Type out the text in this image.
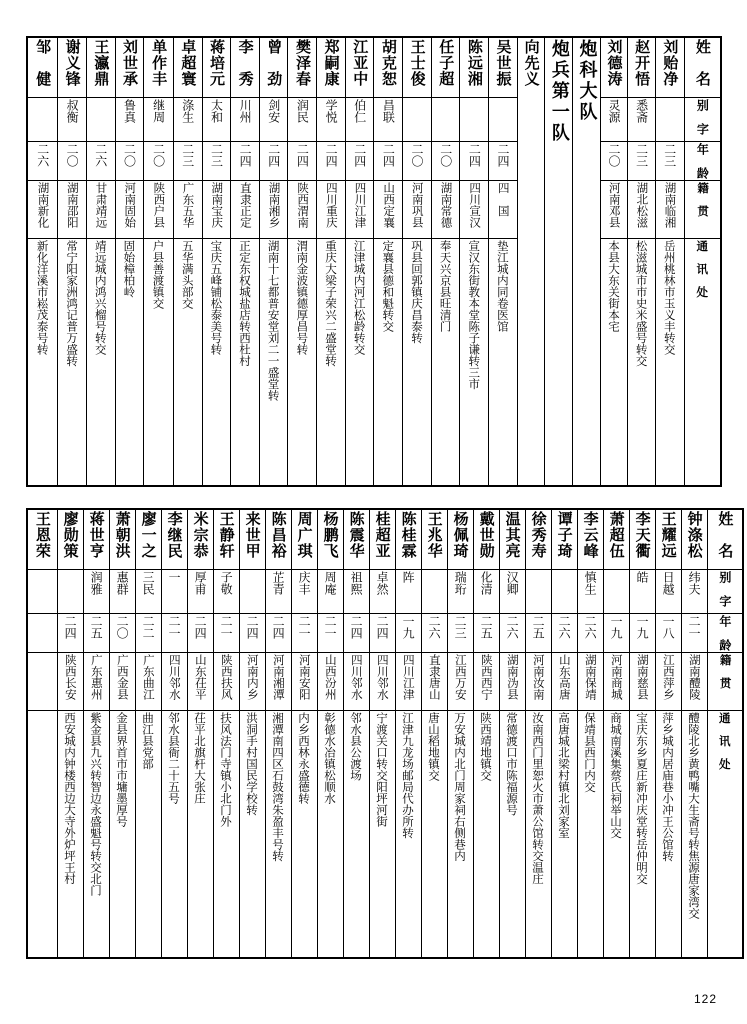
邹　健	谢义锋	王瀛鼎	刘世承	单作丰	卓超寰	蒋培元	李　秀	曾　劲	樊泽春	郑嗣康	江亚中	胡克恕	王士俊	任子超	陈远湘	吴世振	向先义	炮兵第一队	炮科大队	刘德涛	赵开悟	刘贻净	姓　名

	叔衡		鲁真	继周	涤生	太和	川州	剑安	润民	学悦	伯仁	昌联								灵源	悉斋		别　字

二六	二〇	二六	二〇	二〇	二三	二三	二四	二四	二四	二四	二四	二四	二〇	二〇	二四	二四				二〇	二三	二三	年　龄

湖南新化	湖南邵阳	甘肃靖远	河南固始	陕西户县	广东五华	湖南宝庆	直隶正定	湖南湘乡	陕西渭南	四川重庆	四川江津	山西定襄	河南巩县	湖南常德	四川宣汉	四　国				河南邓县	湖北松滋	湖南临湘	籍　贯

新化洋溪市崧茂泰号转	常宁阳家洲鸿记普万盛转	靖远城内鸿兴榴号转交	固始樟柏岭	户县善渡镇交	五华满头部交	宝庆五峰铺松泰美号转	正定东权城盐店转西杜村	湖南十七都普安堂刘二一盛堂转	渭南金波镇德厚昌号转	重庆大梁子荣兴二盛堂转	江津城内河江松龄转交	定襄县德和魁转交	巩县回郭镇庆昌泰转	奉天兴京县旺清门	宣汉东街教本堂陈子谦转三市	垫江城内同卷医馆				本县大东关街本宅	松滋城市市史米盛号转交	岳州桃林市玉义丰转交	通　讯　处
王恩荣	廖勋策	蒋世亨	萧朝洪	廖一之	李继民	米宗恭	王静轩	来世甲	陈昌裕	周广琪	杨鹏飞	陈震华	桂超亚	陈桂霖	王兆华	杨佩琦	戴世勋	温其亮	徐秀寿	谭子琦	李云峰	萧超伍	李天衢	王耀远	钟涤松	姓　名

		润雅	惠群	三民	一	厚甫	子敬		芷青	庆丰	周庵	祖熙	卓然	阵		瑞珩	化清	汉卿			慎生		皓	日越	纬夫	别　字

	二四	二五	二〇	二二	二一	二四	二一	二四	二四	二一	二一	二四	二四	一九	二六	二三	二五	二六	二五	二六	二六	一九	一九	一八	二一	年　龄

	陕西长安	广东惠州	广西金县	广东曲江	四川邻水	山东茌平	陕西扶风	河南内乡	河南湘潭	河南安阳	山西汾州	四川邻水	四川邻水	四川江津	直隶唐山	江西万安	陕西西宁	湖南沩县	河南汝南	山东高唐	湖南保靖	河南商城	湖南慈县	江西萍乡	湖南醴陵	籍　贯

	西安城内钟楼西边大寺外炉坪王村	紫金县九兴转智边永盛魁号转交北门	金县界首市市墉墨厚号	曲江县党部	邻水县衙二十五号	茌平北旗杆大张庄	扶风法门寺镇小北门外	洪洞手村国民学校转	湘潭南四区石鼓湾朱盈丰号转	内乡西林永盛德转	彰德水冶镇松顺水	邻水县公渡场	宁渡关口转交阳坪河街	江津九龙场邮局代办所转	唐山稻地镇交	万安城内北门周家祠右侧巷内	陕西靖地镇交	常德渡口市陈福源号	汝南西门里恕火市萧公馆转交温庄	高唐城北梁村镇北刘家室	保靖县西门内交	商城南溪集蔡氏祠举山交	宝庆东乡夏庄新冲庆堂转岳仲明交	萍乡城内居庙巷小冲王公馆转	醴陵北乡黄鸭嘴大生斋号转焦源唐家湾交	通　讯　处
122
